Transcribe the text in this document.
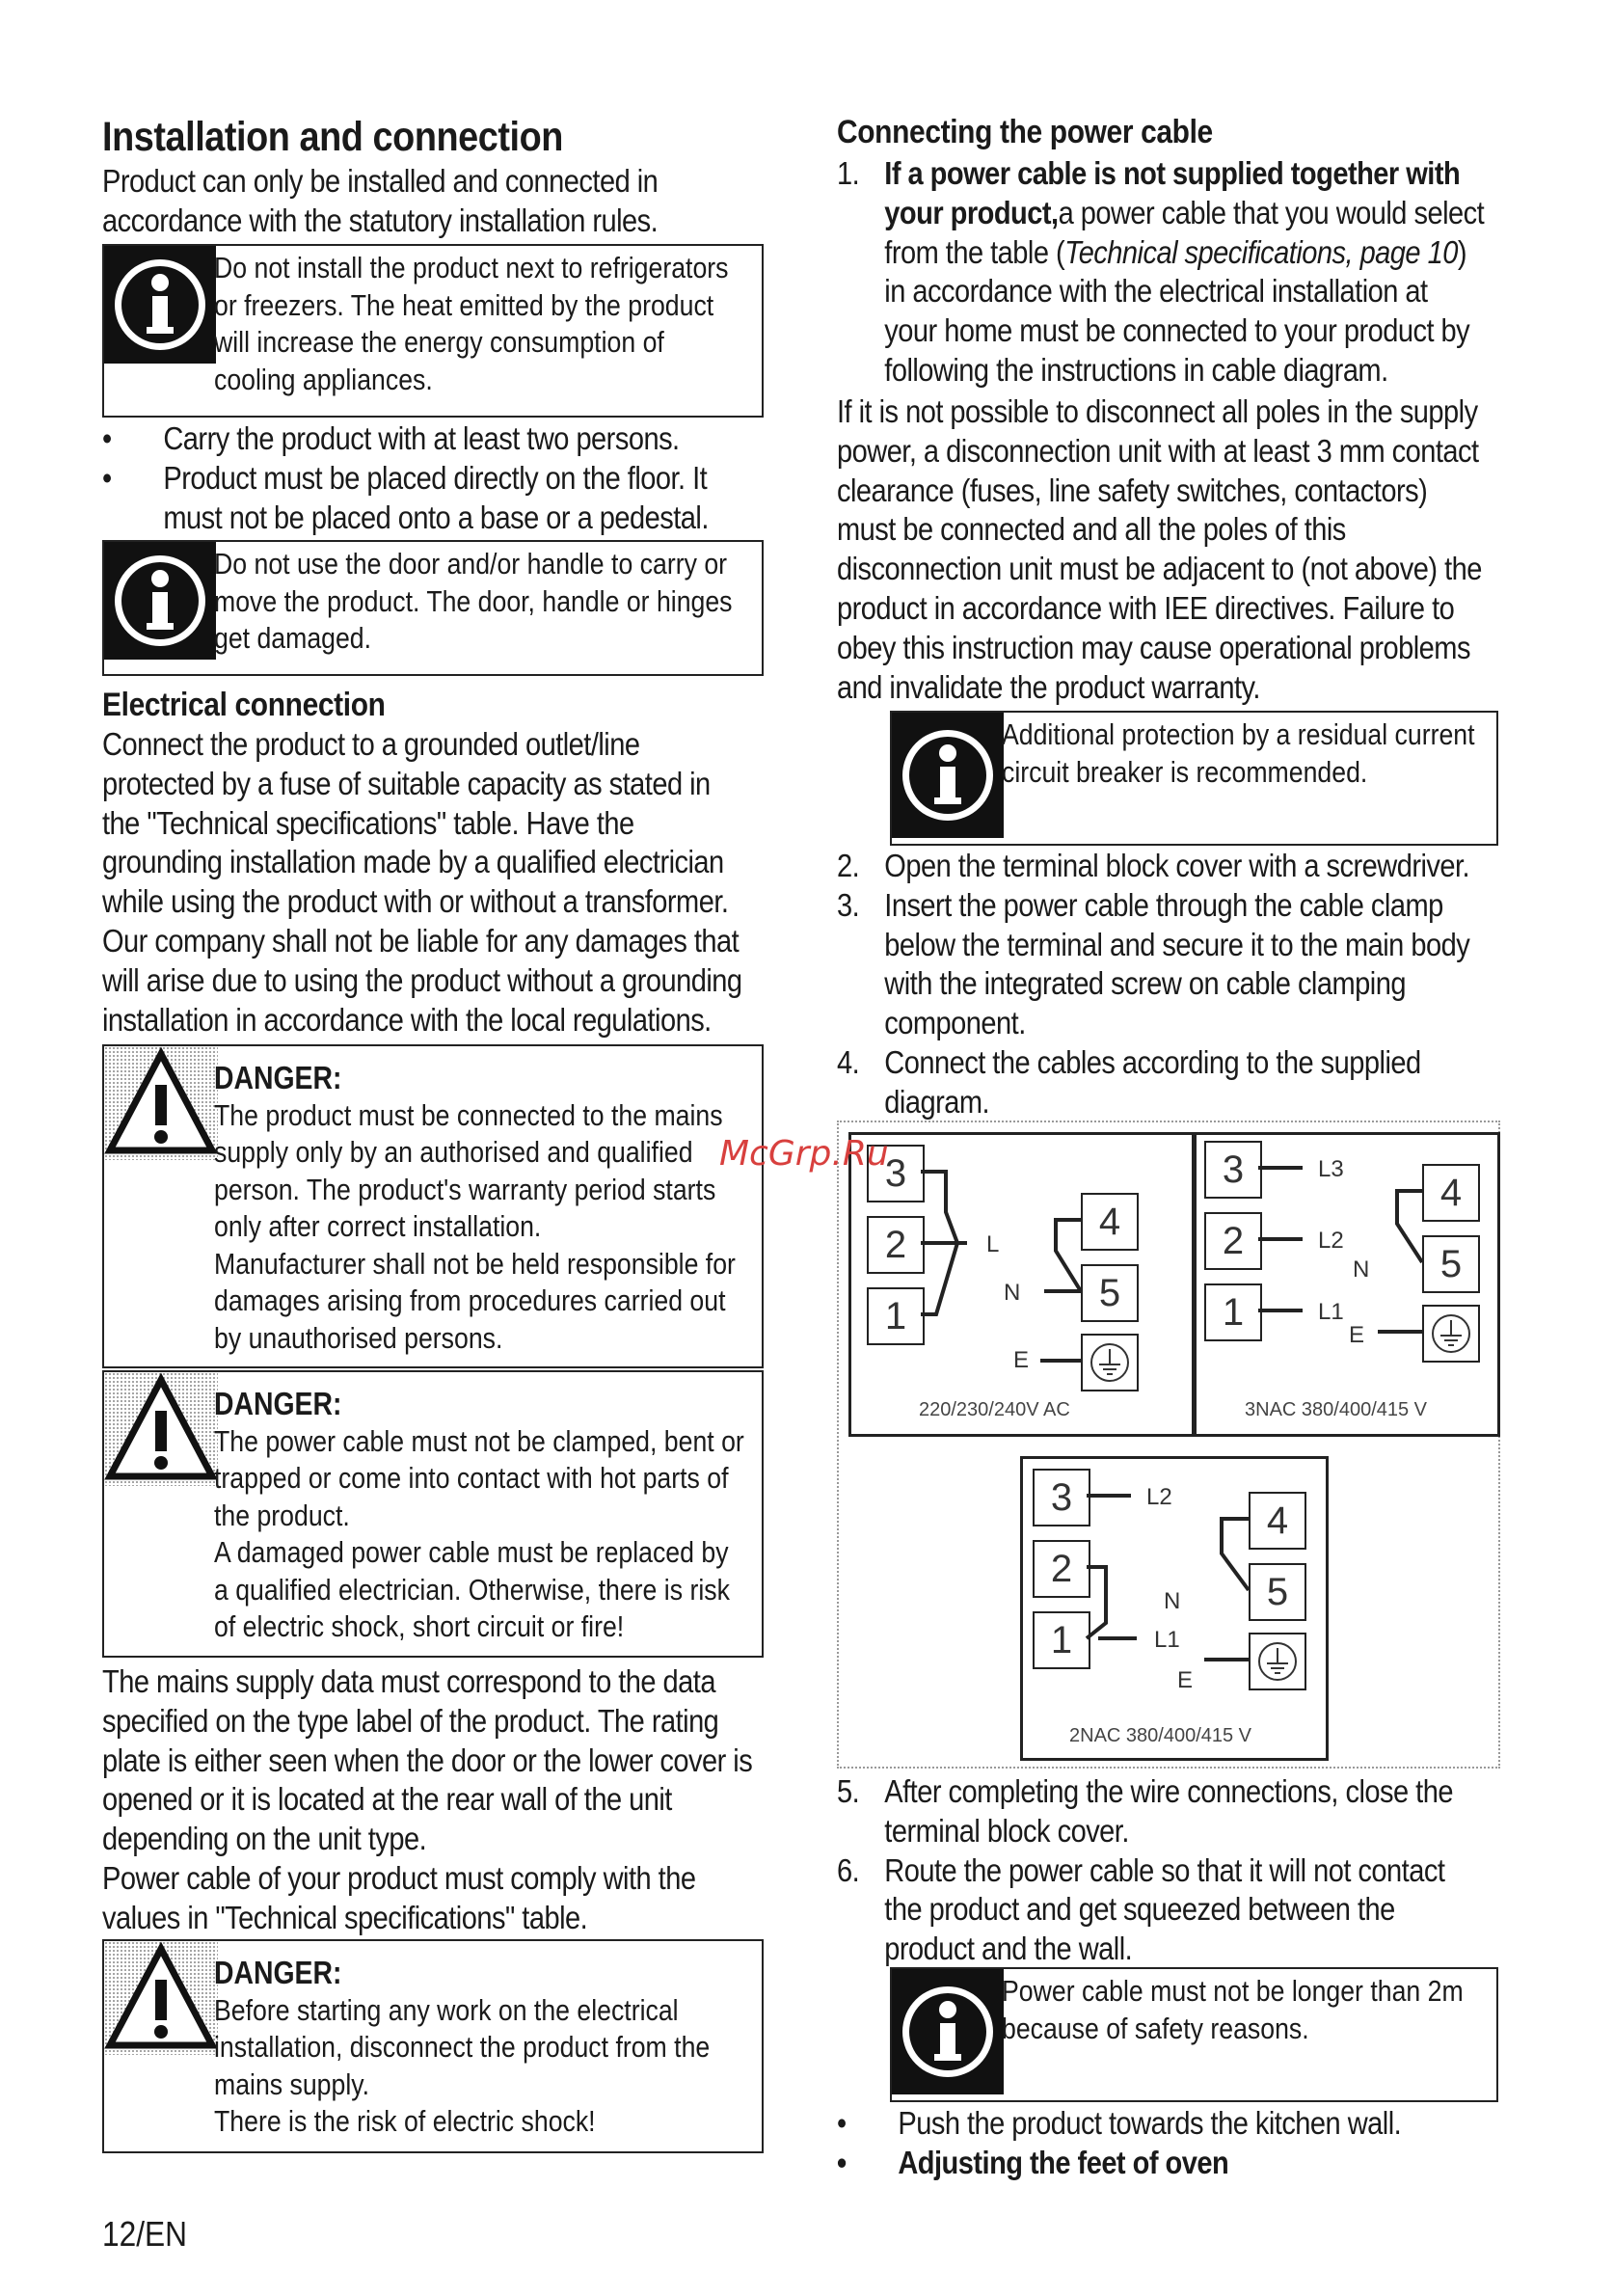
Installation and connection
Product can only be installed and connected in
accordance with the statutory installation rules.
Do not install the product next to refrigerators
or freezers. The heat emitted by the product
will increase the energy consumption of
cooling appliances.
• Carry the product with at least two persons.
• Product must be placed directly on the floor. It
must not be placed onto a base or a pedestal.
Do not use the door and/or handle to carry or
move the product. The door, handle or hinges
get damaged.
Electrical connection
Connect the product to a grounded outlet/line
protected by a fuse of suitable capacity as stated in
the "Technical specifications" table. Have the
grounding installation made by a qualified electrician
while using the product with or without a transformer.
Our company shall not be liable for any damages that
will arise due to using the product without a grounding
installation in accordance with the local regulations.
DANGER:
The product must be connected to the mains
supply only by an authorised and qualified
person. The product's warranty period starts
only after correct installation.
Manufacturer shall not be held responsible for
damages arising from procedures carried out
by unauthorised persons.
DANGER:
The power cable must not be clamped, bent or
trapped or come into contact with hot parts of
the product.
A damaged power cable must be replaced by
a qualified electrician. Otherwise, there is risk
of electric shock, short circuit or fire!
The mains supply data must correspond to the data
specified on the type label of the product. The rating
plate is either seen when the door or the lower cover is
opened or it is located at the rear wall of the unit
depending on the unit type.
Power cable of your product must comply with the
values in "Technical specifications" table.
DANGER:
Before starting any work on the electrical
installation, disconnect the product from the
mains supply.
There is the risk of electric shock!
Connecting the power cable
1. If a power cable is not supplied together with
your product,a power cable that you would select
from the table (Technical specifications, page 10)
in accordance with the electrical installation at
your home must be connected to your product by
following the instructions in cable diagram.
If it is not possible to disconnect all poles in the supply
power, a disconnection unit with at least 3 mm contact
clearance (fuses, line safety switches, contactors)
must be connected and all the poles of this
disconnection unit must be adjacent to (not above) the
product in accordance with IEE directives. Failure to
obey this instruction may cause operational problems
and invalidate the product warranty.
Additional protection by a residual current
circuit breaker is recommended.
2. Open the terminal block cover with a screwdriver.
3. Insert the power cable through the cable clamp
below the terminal and secure it to the main body
with the integrated screw on cable clamping
component.
4. Connect the cables according to the supplied
diagram.
3
2
1
4
5
L
N
E
220/230/240V AC
3
2
1
4
5
L3
L2
L1
N
E
3NAC 380/400/415 V
3
2
1
4
5
L2
N
L1
E
2NAC 380/400/415 V
5. After completing the wire connections, close the
terminal block cover.
6. Route the power cable so that it will not contact
the product and get squeezed between the
product and the wall.
Power cable must not be longer than 2m
because of safety reasons.
• Push the product towards the kitchen wall.
• Adjusting the feet of oven
McGrp.Ru
12/EN
